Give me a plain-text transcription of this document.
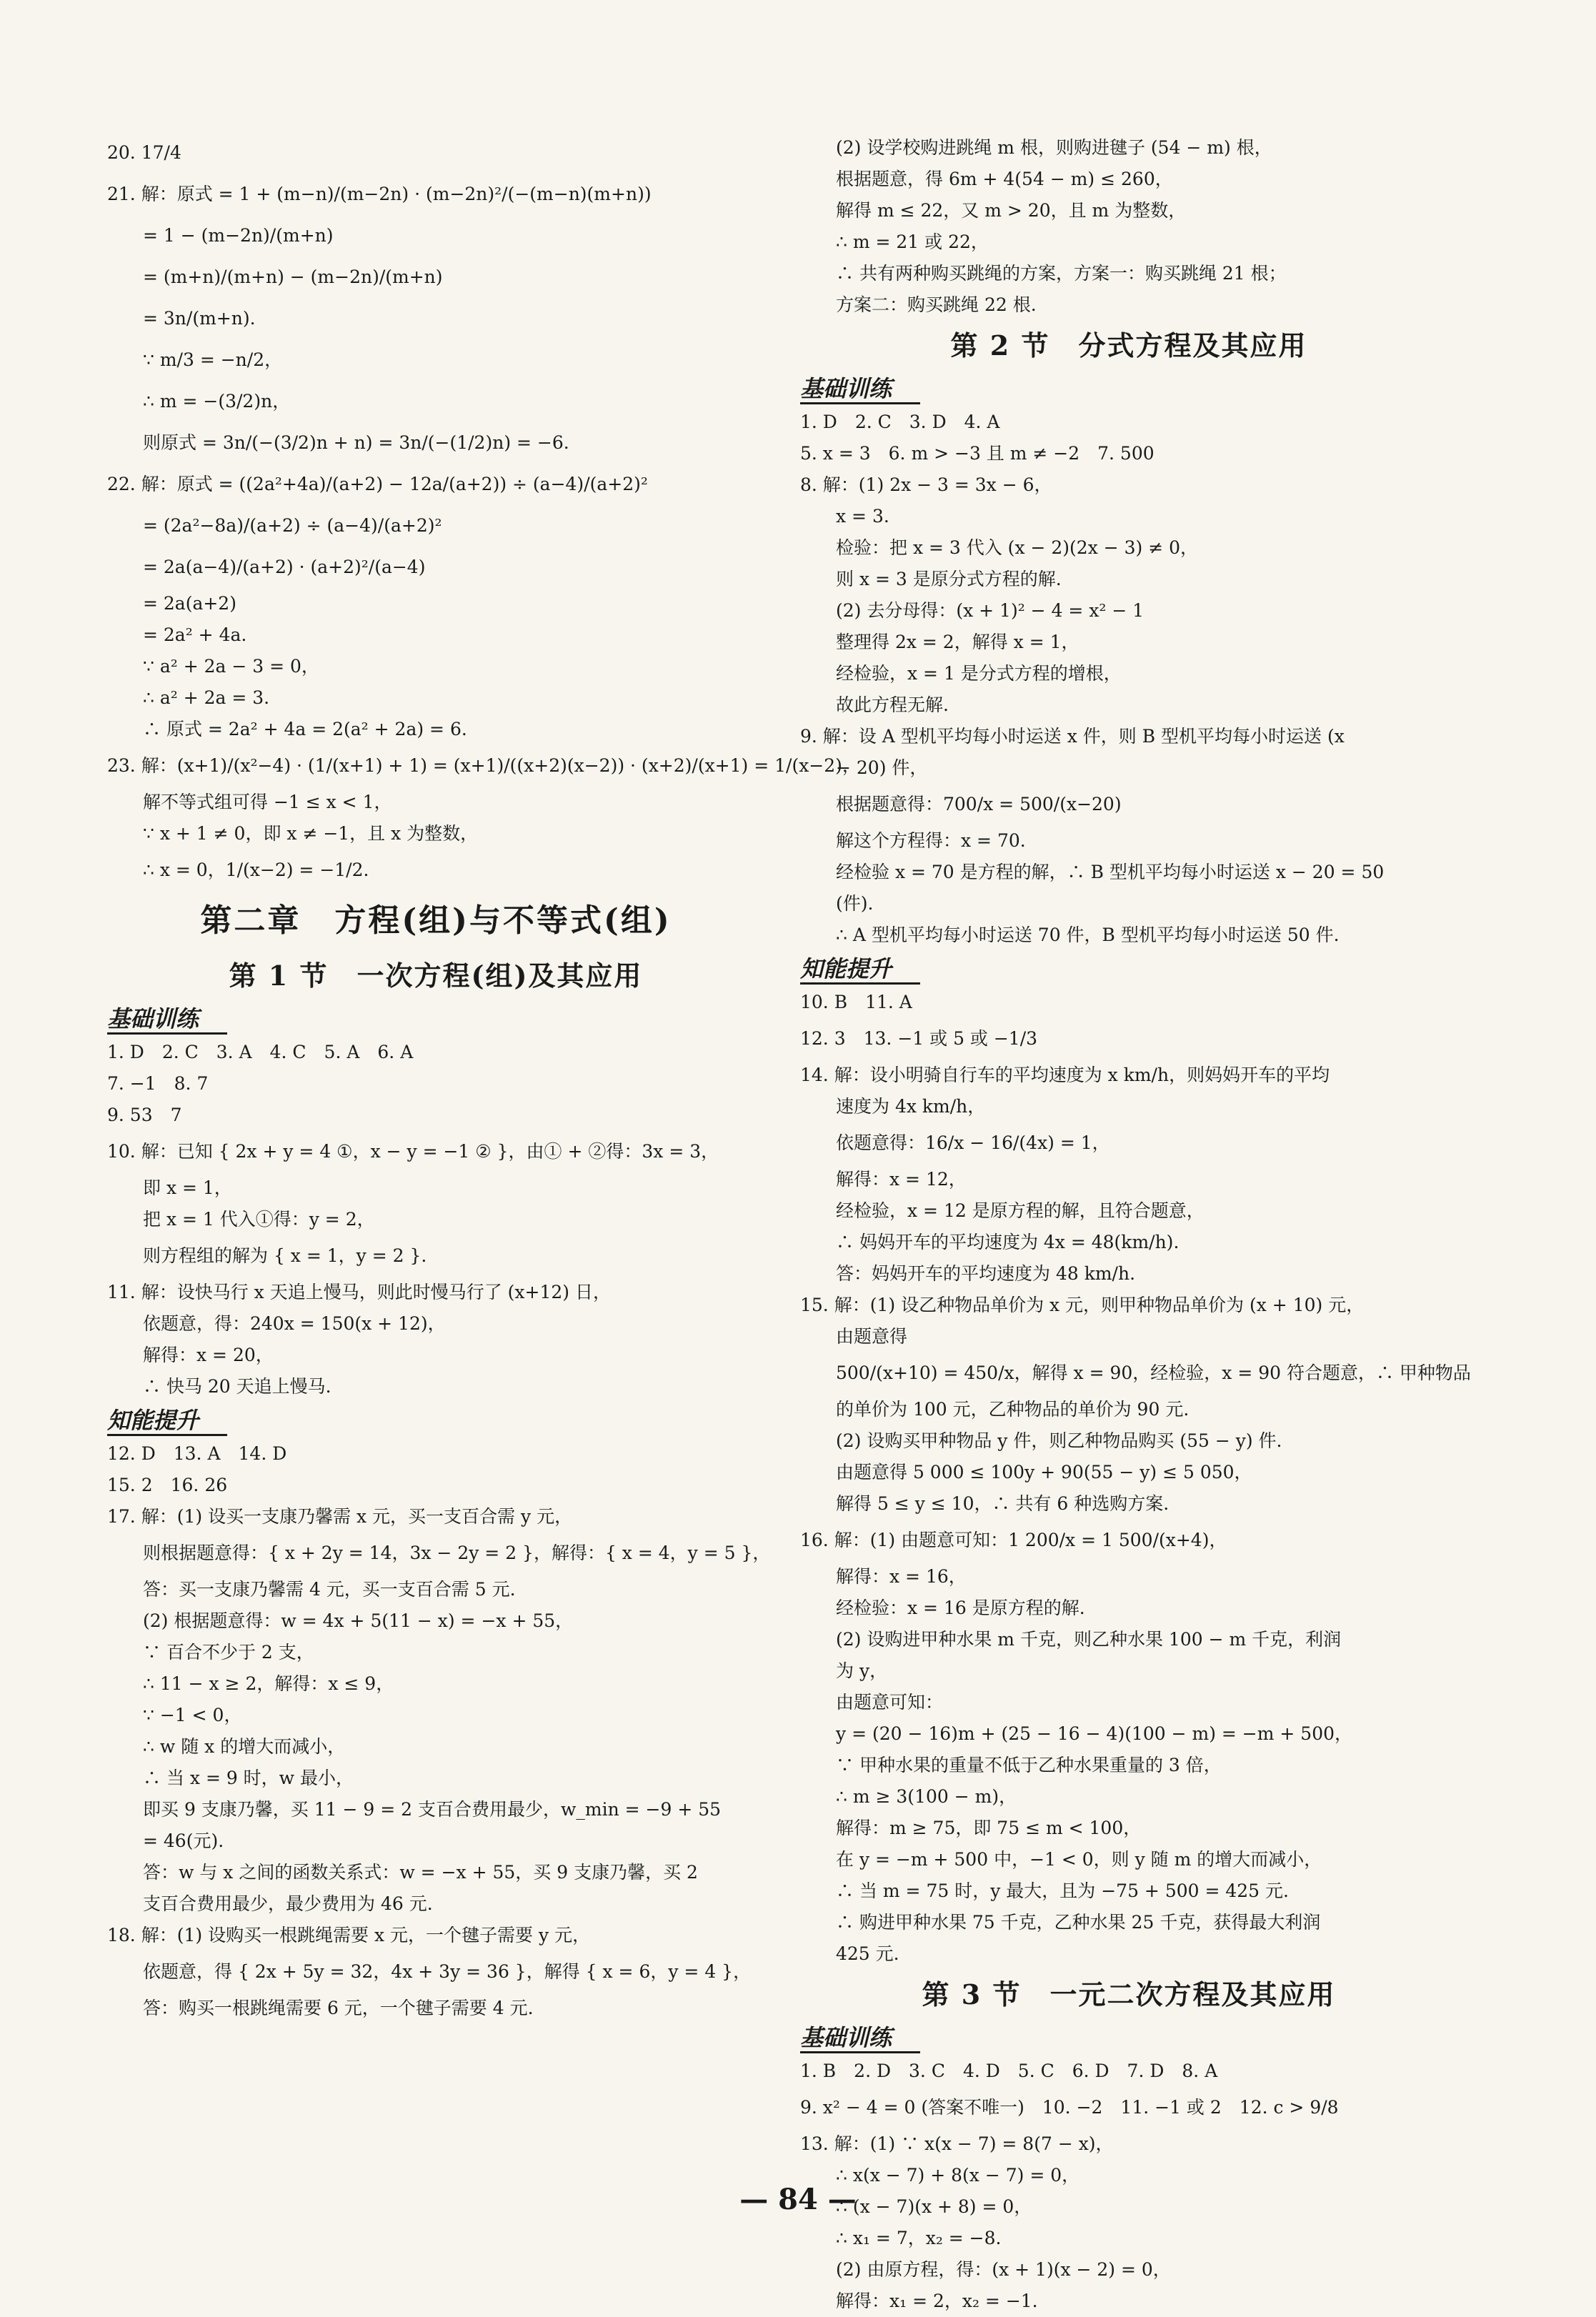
20. 17/4
21. 解：原式 = 1 + (m−n)/(m−2n) · (m−2n)²/(−(m−n)(m+n))
= 1 − (m−2n)/(m+n)
= (m+n)/(m+n) − (m−2n)/(m+n)
= 3n/(m+n).
∵ m/3 = −n/2，
∴ m = −(3/2)n，
则原式 = 3n/(−(3/2)n + n) = 3n/(−(1/2)n) = −6.
22. 解：原式 = ((2a²+4a)/(a+2) − 12a/(a+2)) ÷ (a−4)/(a+2)²
= (2a²−8a)/(a+2) ÷ (a−4)/(a+2)²
= 2a(a−4)/(a+2) · (a+2)²/(a−4)
= 2a(a+2)
= 2a² + 4a.
∵ a² + 2a − 3 = 0，
∴ a² + 2a = 3.
∴ 原式 = 2a² + 4a = 2(a² + 2a) = 6.
23. 解：(x+1)/(x²−4) · (1/(x+1) + 1) = (x+1)/((x+2)(x−2)) · (x+2)/(x+1) = 1/(x−2)，
解不等式组可得 −1 ≤ x < 1，
∵ x + 1 ≠ 0，即 x ≠ −1，且 x 为整数，
∴ x = 0，1/(x−2) = −1/2.
第二章　方程(组)与不等式(组)
第 1 节　一次方程(组)及其应用
基础训练
1. D　2. C　3. A　4. C　5. A　6. A
7. −1　8. 7
9. 53　7
10. 解：已知 { 2x + y = 4 ①，x − y = −1 ② }，由① + ②得：3x = 3，
即 x = 1，
把 x = 1 代入①得：y = 2，
则方程组的解为 { x = 1，y = 2 }.
11. 解：设快马行 x 天追上慢马，则此时慢马行了 (x+12) 日，
依题意，得：240x = 150(x + 12)，
解得：x = 20，
∴ 快马 20 天追上慢马.
知能提升
12. D　13. A　14. D
15. 2　16. 26
17. 解：(1) 设买一支康乃馨需 x 元，买一支百合需 y 元，
则根据题意得：{ x + 2y = 14，3x − 2y = 2 }，解得：{ x = 4，y = 5 }，
答：买一支康乃馨需 4 元，买一支百合需 5 元.
(2) 根据题意得：w = 4x + 5(11 − x) = −x + 55，
∵ 百合不少于 2 支，
∴ 11 − x ≥ 2，解得：x ≤ 9，
∵ −1 < 0，
∴ w 随 x 的增大而减小，
∴ 当 x = 9 时，w 最小，
即买 9 支康乃馨，买 11 − 9 = 2 支百合费用最少，w_min = −9 + 55
= 46(元).
答：w 与 x 之间的函数关系式：w = −x + 55，买 9 支康乃馨，买 2
支百合费用最少，最少费用为 46 元.
18. 解：(1) 设购买一根跳绳需要 x 元，一个毽子需要 y 元，
依题意，得 { 2x + 5y = 32，4x + 3y = 36 }，解得 { x = 6，y = 4 }，
答：购买一根跳绳需要 6 元，一个毽子需要 4 元.
(2) 设学校购进跳绳 m 根，则购进毽子 (54 − m) 根，
根据题意，得 6m + 4(54 − m) ≤ 260，
解得 m ≤ 22，又 m > 20，且 m 为整数，
∴ m = 21 或 22，
∴ 共有两种购买跳绳的方案，方案一：购买跳绳 21 根；
方案二：购买跳绳 22 根.
第 2 节　分式方程及其应用
基础训练
1. D　2. C　3. D　4. A
5. x = 3　6. m > −3 且 m ≠ −2　7. 500
8. 解：(1) 2x − 3 = 3x − 6，
x = 3.
检验：把 x = 3 代入 (x − 2)(2x − 3) ≠ 0，
则 x = 3 是原分式方程的解.
(2) 去分母得：(x + 1)² − 4 = x² − 1
整理得 2x = 2，解得 x = 1，
经检验，x = 1 是分式方程的增根，
故此方程无解.
9. 解：设 A 型机平均每小时运送 x 件，则 B 型机平均每小时运送 (x
− 20) 件，
根据题意得：700/x = 500/(x−20)
解这个方程得：x = 70.
经检验 x = 70 是方程的解，∴ B 型机平均每小时运送 x − 20 = 50
(件).
∴ A 型机平均每小时运送 70 件，B 型机平均每小时运送 50 件.
知能提升
10. B　11. A
12. 3　13. −1 或 5 或 −1/3
14. 解：设小明骑自行车的平均速度为 x km/h，则妈妈开车的平均
速度为 4x km/h，
依题意得：16/x − 16/(4x) = 1，
解得：x = 12，
经检验，x = 12 是原方程的解，且符合题意，
∴ 妈妈开车的平均速度为 4x = 48(km/h).
答：妈妈开车的平均速度为 48 km/h.
15. 解：(1) 设乙种物品单价为 x 元，则甲种物品单价为 (x + 10) 元，
由题意得
500/(x+10) = 450/x，解得 x = 90，经检验，x = 90 符合题意，∴ 甲种物品
的单价为 100 元，乙种物品的单价为 90 元.
(2) 设购买甲种物品 y 件，则乙种物品购买 (55 − y) 件.
由题意得 5 000 ≤ 100y + 90(55 − y) ≤ 5 050，
解得 5 ≤ y ≤ 10，∴ 共有 6 种选购方案.
16. 解：(1) 由题意可知：1 200/x = 1 500/(x+4)，
解得：x = 16，
经检验：x = 16 是原方程的解.
(2) 设购进甲种水果 m 千克，则乙种水果 100 − m 千克，利润
为 y，
由题意可知：
y = (20 − 16)m + (25 − 16 − 4)(100 − m) = −m + 500，
∵ 甲种水果的重量不低于乙种水果重量的 3 倍，
∴ m ≥ 3(100 − m)，
解得：m ≥ 75，即 75 ≤ m < 100，
在 y = −m + 500 中，−1 < 0，则 y 随 m 的增大而减小，
∴ 当 m = 75 时，y 最大，且为 −75 + 500 = 425 元.
∴ 购进甲种水果 75 千克，乙种水果 25 千克，获得最大利润
425 元.
第 3 节　一元二次方程及其应用
基础训练
1. B　2. D　3. C　4. D　5. C　6. D　7. D　8. A
9. x² − 4 = 0 (答案不唯一)　10. −2　11. −1 或 2　12. c > 9/8
13. 解：(1) ∵ x(x − 7) = 8(7 − x)，
∴ x(x − 7) + 8(x − 7) = 0，
∴ (x − 7)(x + 8) = 0，
∴ x₁ = 7，x₂ = −8.
(2) 由原方程，得：(x + 1)(x − 2) = 0，
解得：x₁ = 2，x₂ = −1.
— 84 —
